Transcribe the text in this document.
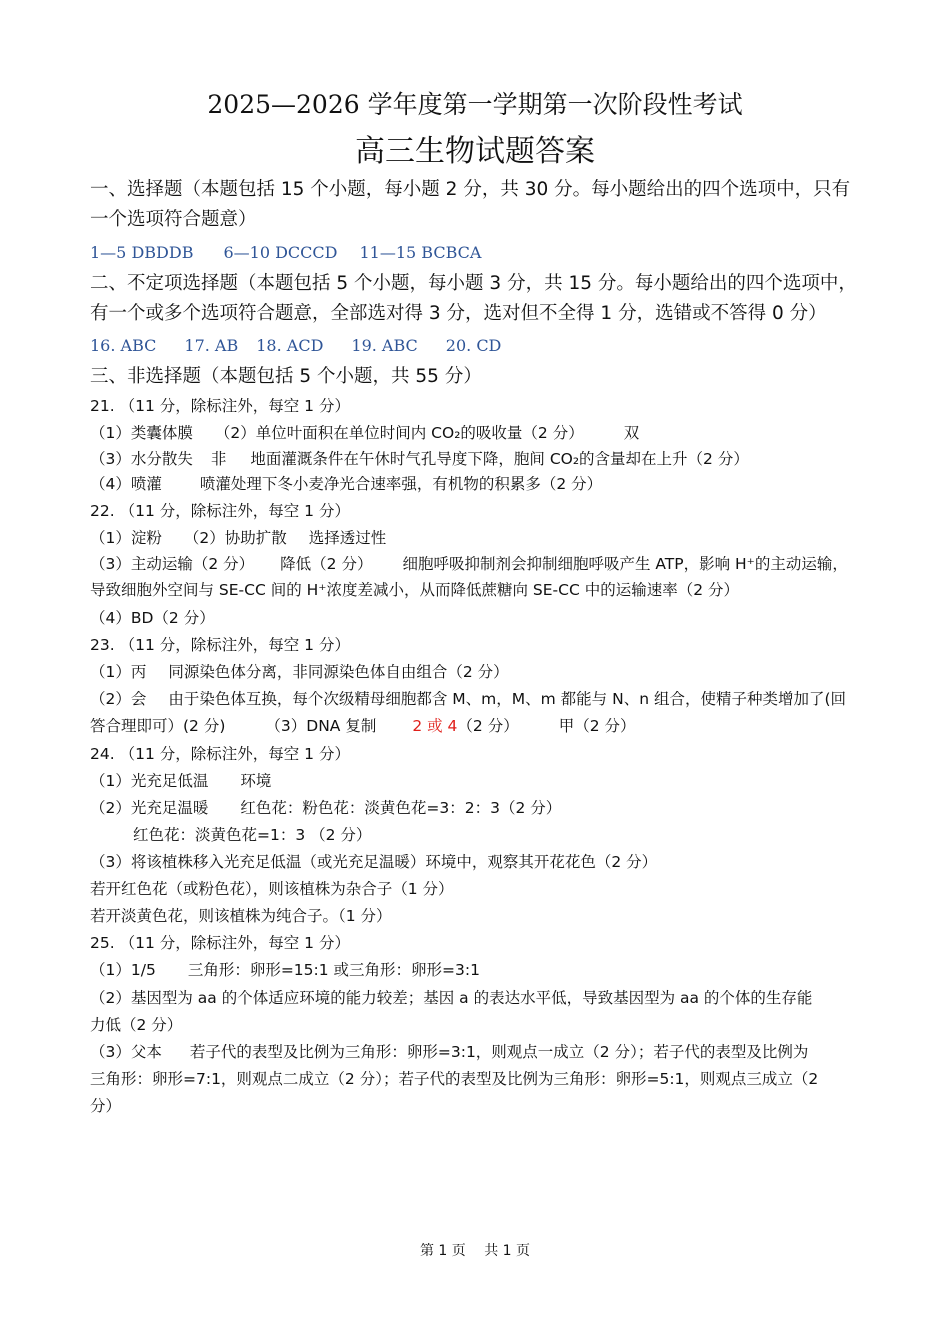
2025—2026 学年度第一学期第一次阶段性考试
高三生物试题答案
一、选择题（本题包括 15 个小题，每小题 2 分，共 30 分。每小题给出的四个选项中，只有
一个选项符合题意）
1—5 DBDDB 6—10 DCCCD 11—15 BCBCA
二、不定项选择题（本题包括 5 个小题，每小题 3 分，共 15 分。每小题给出的四个选项中，
有一个或多个选项符合题意，全部选对得 3 分，选对但不全得 1 分，选错或不答得 0 分）
16. ABC 17. AB 18. ACD 19. ABC 20. CD
三、非选择题（本题包括 5 个小题，共 55 分）
21. （11 分，除标注外，每空 1 分）
（1）类囊体膜 （2）单位叶面积在单位时间内 CO₂的吸收量（2 分）	双
（3）水分散失 非 地面灌溉条件在午休时气孔导度下降，胞间 CO₂的含量却在上升（2 分）
（4）喷灌 喷灌处理下冬小麦净光合速率强，有机物的积累多（2 分）
22. （11 分，除标注外，每空 1 分）
（1）淀粉 （2）协助扩散 选择透过性
（3）主动运输（2 分） 降低（2 分） 细胞呼吸抑制剂会抑制细胞呼吸产生 ATP，影响 H⁺的主动运输，
导致细胞外空间与 SE-CC 间的 H⁺浓度差减小，从而降低蔗糖向 SE-CC 中的运输速率（2 分）
（4）BD（2 分）
23. （11 分，除标注外，每空 1 分）
（1）丙 同源染色体分离，非同源染色体自由组合（2 分）
（2）会 由于染色体互换，每个次级精母细胞都含 M、m，M、m 都能与 N、n 组合，使精子种类增加了(回
答合理即可）(2 分)	（3）DNA 复制 2 或 4（2 分）	甲（2 分）
24. （11 分，除标注外，每空 1 分）
（1）光充足低温 环境
（2）光充足温暖 红色花：粉色花：淡黄色花=3：2：3（2 分）
红色花：淡黄色花=1：3 （2 分）
（3）将该植株移入光充足低温（或光充足温暖）环境中，观察其开花花色（2 分）
若开红色花（或粉色花），则该植株为杂合子（1 分）
若开淡黄色花，则该植株为纯合子。（1 分）
25. （11 分，除标注外，每空 1 分）
（1）1/5 三角形：卵形=15:1 或三角形：卵形=3:1
（2）基因型为 aa 的个体适应环境的能力较差；基因 a 的表达水平低，导致基因型为 aa 的个体的生存能
力低（2 分）
（3）父本 若子代的表型及比例为三角形：卵形=3:1，则观点一成立（2 分）；若子代的表型及比例为
三角形：卵形=7:1，则观点二成立（2 分）；若子代的表型及比例为三角形：卵形=5:1，则观点三成立（2
分）
第 1 页　 共 1 页
